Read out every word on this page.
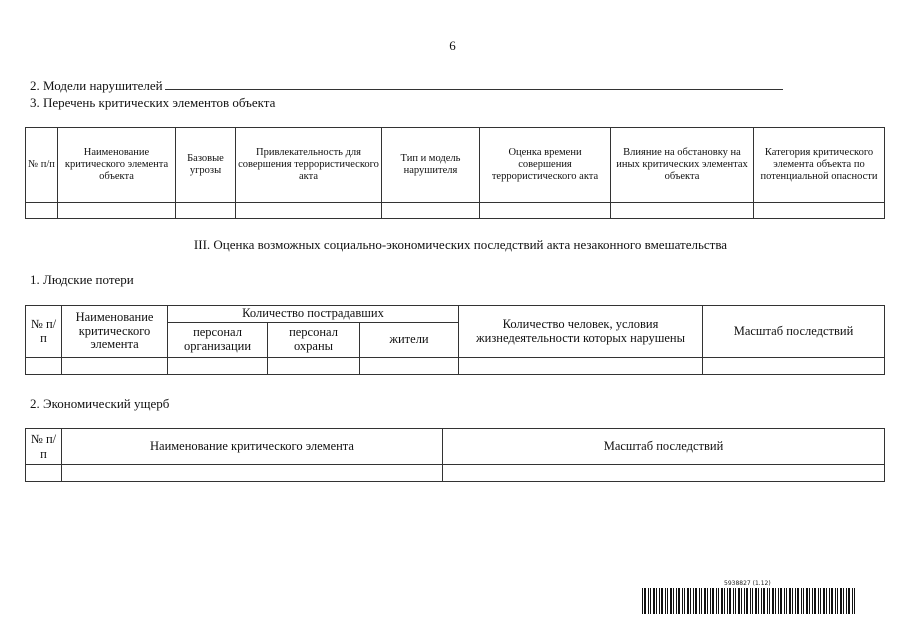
6
2. Модели нарушителей
3. Перечень критических элементов объекта
№ п/п	Наименование критического элемента объекта	Базовые угрозы	Привлекательность для совершения террористического акта	Тип и модель нарушителя	Оценка времени совершения террористического акта	Влияние на обстановку на иных критических элементах объекта	Категория критического элемента объекта по потенциальной опасности

III. Оценка возможных социально-экономических последствий акта незаконного вмешательства
1. Людские потери
№ п/п	Наименование критического элемента	Количество пострадавших			Количество человек, условия жизнедеятельности которых нарушены	Масштаб последствий
		персонал организации	персонал охраны	жители		

2. Экономический ущерб
№ п/п	Наименование критического элемента	Масштаб последствий

5938827 (1.12)
